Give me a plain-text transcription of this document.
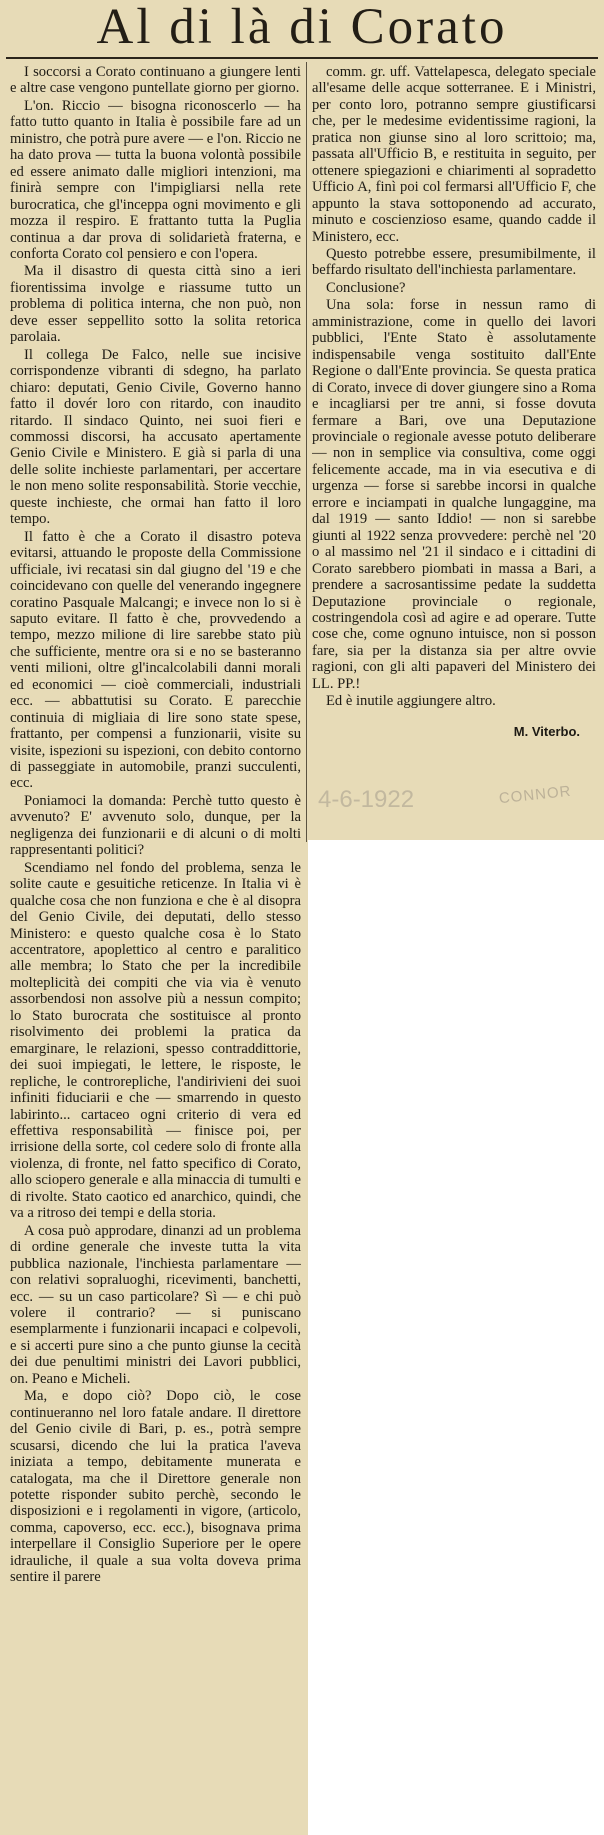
Al di là di Corato

I soccorsi a Corato continuano a giungere lenti e altre case vengono puntellate giorno per giorno.

L'on. Riccio — bisogna riconoscerlo — ha fatto tutto quanto in Italia è possibile fare ad un ministro, che potrà pure avere — e l'on. Riccio ne ha dato prova — tutta la buona volontà possibile ed essere animato dalle migliori intenzioni, ma finirà sempre con l'impigliarsi nella rete burocratica, che gl'inceppa ogni movimento e gli mozza il respiro. E frattanto tutta la Puglia continua a dar prova di solidarietà fraterna, e conforta Corato col pensiero e con l'opera.

Ma il disastro di questa città sino a ieri fiorentissima involge e riassume tutto un problema di politica interna, che non può, non deve esser seppellito sotto la solita retorica parolaia.

Il collega De Falco, nelle sue incisive corrispondenze vibranti di sdegno, ha parlato chiaro: deputati, Genio Civile, Governo hanno fatto il dovér loro con ritardo, con inaudito ritardo. Il sindaco Quinto, nei suoi fieri e commossi discorsi, ha accusato apertamente Genio Civile e Ministero. E già si parla di una delle solite inchieste parlamentari, per accertare le non meno solite responsabilità. Storie vecchie, queste inchieste, che ormai han fatto il loro tempo.

Il fatto è che a Corato il disastro poteva evitarsi, attuando le proposte della Commissione ufficiale, ivi recatasi sin dal giugno del '19 e che coincidevano con quelle del venerando ingegnere coratino Pasquale Malcangi; e invece non lo si è saputo evitare. Il fatto è che, provvedendo a tempo, mezzo milione di lire sarebbe stato più che sufficiente, mentre ora si e no se basteranno venti milioni, oltre gl'incalcolabili danni morali ed economici — cioè commerciali, industriali ecc. — abbattutisi su Corato. E parecchie continuia di migliaia di lire sono state spese, frattanto, per compensi a funzionarii, visite su visite, ispezioni su ispezioni, con debito contorno di passeggiate in automobile, pranzi succulenti, ecc.

Poniamoci la domanda: Perchè tutto questo è avvenuto? E' avvenuto solo, dunque, per la negligenza dei funzionarii e di alcuni o di molti rappresentanti politici?

Scendiamo nel fondo del problema, senza le solite caute e gesuitiche reticenze. In Italia vi è qualche cosa che non funziona e che è al disopra del Genio Civile, dei deputati, dello stesso Ministero: e questo qualche cosa è lo Stato accentratore, apoplettico al centro e paralitico alle membra; lo Stato che per la incredibile molteplicità dei compiti che via via è venuto assorbendosi non assolve più a nessun compito; lo Stato burocrata che sostituisce al pronto risolvimento dei problemi la pratica da emarginare, le relazioni, spesso contraddittorie, dei suoi impiegati, le lettere, le risposte, le repliche, le controrepliche, l'andirivieni dei suoi infiniti fiduciarii e che — smarrendo in questo labirinto... cartaceo ogni criterio di vera ed effettiva responsabilità — finisce poi, per irrisione della sorte, col cedere solo di fronte alla violenza, di fronte, nel fatto specifico di Corato, allo sciopero generale e alla minaccia di tumulti e di rivolte. Stato caotico ed anarchico, quindi, che va a ritroso dei tempi e della storia.

A cosa può approdare, dinanzi ad un problema di ordine generale che investe tutta la vita pubblica nazionale, l'inchiesta parlamentare — con relativi sopraluoghi, ricevimenti, banchetti, ecc. — su un caso particolare? Sì — e chi può volere il contrario? — si puniscano esemplarmente i funzionarii incapaci e colpevoli, e si accerti pure sino a che punto giunse la cecità dei due penultimi ministri dei Lavori pubblici, on. Peano e Micheli.

Ma, e dopo ciò? Dopo ciò, le cose continueranno nel loro fatale andare. Il direttore del Genio civile di Bari, p. es., potrà sempre scusarsi, dicendo che lui la pratica l'aveva iniziata a tempo, debitamente munerata e catalogata, ma che il Direttore generale non potette risponder subito perchè, secondo le disposizioni e i regolamenti in vigore, (articolo, comma, capoverso, ecc. ecc.), bisognava prima interpellare il Consiglio Superiore per le opere idrauliche, il quale a sua volta doveva prima sentire il parere

comm. gr. uff. Vattelapesca, delegato speciale all'esame delle acque sotterranee. E i Ministri, per conto loro, potranno sempre giustificarsi che, per le medesime evidentissime ragioni, la pratica non giunse sino al loro scrittoio; ma, passata all'Ufficio B, e restituita in seguito, per ottenere spiegazioni e chiarimenti al sopradetto Ufficio A, finì poi col fermarsi all'Ufficio F, che appunto la stava sottoponendo ad accurato, minuto e coscienzioso esame, quando cadde il Ministero, ecc.

Questo potrebbe essere, presumibilmente, il beffardo risultato dell'inchiesta parlamentare.

Conclusione?

Una sola: forse in nessun ramo di amministrazione, come in quello dei lavori pubblici, l'Ente Stato è assolutamente indispensabile venga sostituito dall'Ente Regione o dall'Ente provincia. Se questa pratica di Corato, invece di dover giungere sino a Roma e incagliarsi per tre anni, si fosse dovuta fermare a Bari, ove una Deputazione provinciale o regionale avesse potuto deliberare — non in semplice via consultiva, come oggi felicemente accade, ma in via esecutiva e di urgenza — forse si sarebbe incorsi in qualche errore e inciampati in qualche lungaggine, ma dal 1919 — santo Iddio! — non si sarebbe giunti al 1922 senza provvedere: perchè nel '20 o al massimo nel '21 il sindaco e i cittadini di Corato sarebbero piombati in massa a Bari, a prendere a sacrosantissime pedate la suddetta Deputazione provinciale o regionale, costringendola così ad agire e ad operare. Tutte cose che, come ognuno intuisce, non si posson fare, sia per la distanza sia per altre ovvie ragioni, con gli alti papaveri del Ministero dei LL. PP.!

Ed è inutile aggiungere altro.

M. Viterbo.
4-6-1922	CONNOR
